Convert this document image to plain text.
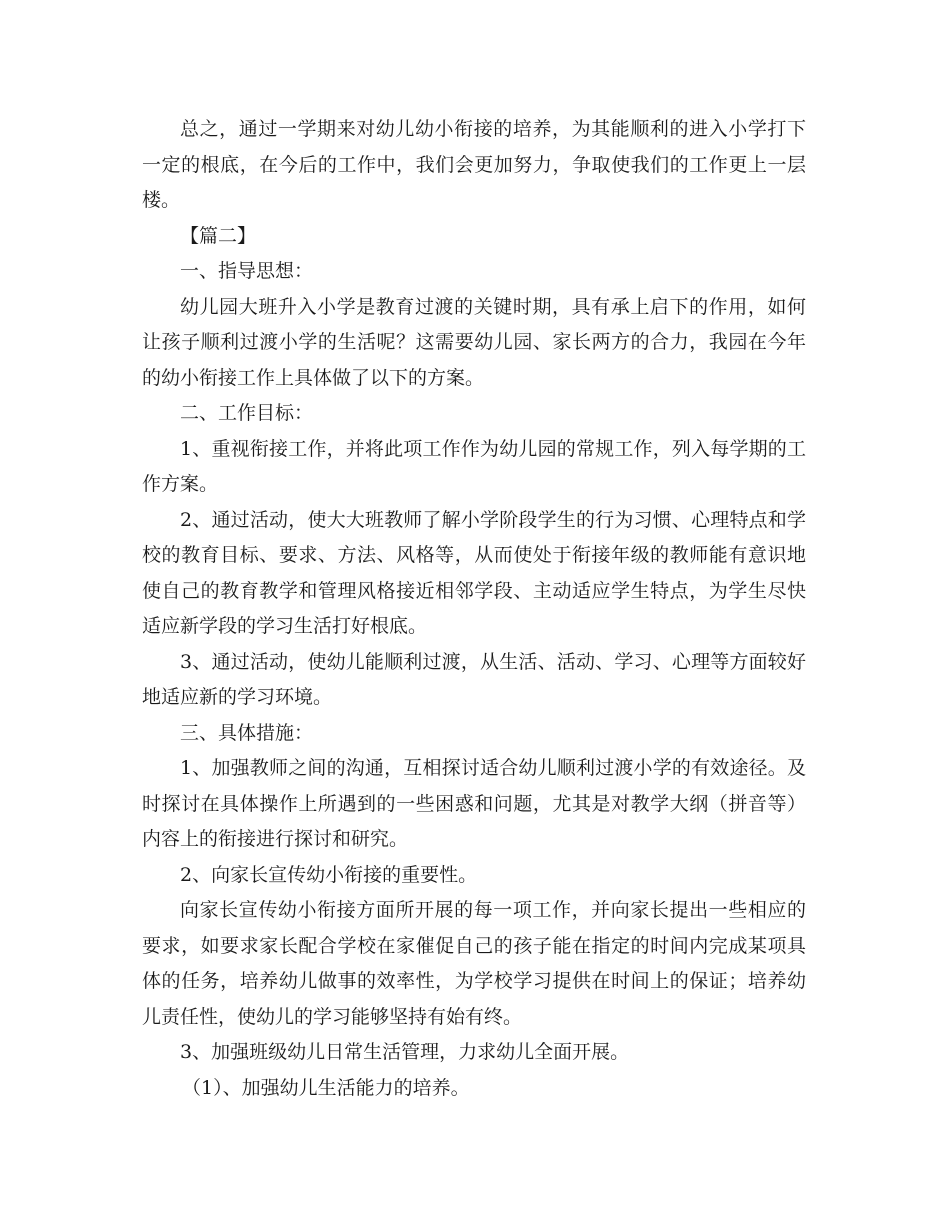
总之，通过一学期来对幼儿幼小衔接的培养，为其能顺利的进入小学打下一定的根底，在今后的工作中，我们会更加努力，争取使我们的工作更上一层楼。

【篇二】

一、指导思想：

幼儿园大班升入小学是教育过渡的关键时期，具有承上启下的作用，如何让孩子顺利过渡小学的生活呢？这需要幼儿园、家长两方的合力，我园在今年的幼小衔接工作上具体做了以下的方案。

二、工作目标：

1、重视衔接工作，并将此项工作作为幼儿园的常规工作，列入每学期的工作方案。

2、通过活动，使大大班教师了解小学阶段学生的行为习惯、心理特点和学校的教育目标、要求、方法、风格等，从而使处于衔接年级的教师能有意识地使自己的教育教学和管理风格接近相邻学段、主动适应学生特点，为学生尽快适应新学段的学习生活打好根底。

3、通过活动，使幼儿能顺利过渡，从生活、活动、学习、心理等方面较好地适应新的学习环境。

三、具体措施：

1、加强教师之间的沟通，互相探讨适合幼儿顺利过渡小学的有效途径。及时探讨在具体操作上所遇到的一些困惑和问题，尤其是对教学大纲（拼音等）内容上的衔接进行探讨和研究。

2、向家长宣传幼小衔接的重要性。

向家长宣传幼小衔接方面所开展的每一项工作，并向家长提出一些相应的要求，如要求家长配合学校在家催促自己的孩子能在指定的时间内完成某项具体的任务，培养幼儿做事的效率性，为学校学习提供在时间上的保证；培养幼儿责任性，使幼儿的学习能够坚持有始有终。

3、加强班级幼儿日常生活管理，力求幼儿全面开展。

（1）、加强幼儿生活能力的培养。
